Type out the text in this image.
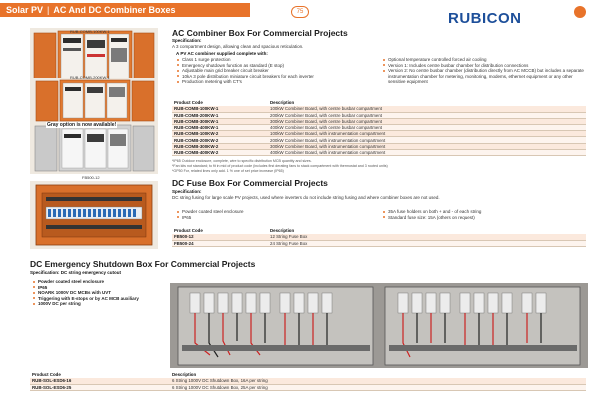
Solar PV | AC And DC Combiner Boxes	75	RUBICON
RUB-COMB-100KW-1
RUB-COMB-200KW-1
Gray option is now available!
FB500-12
AC Combiner Box For Commercial Projects
Specification:
A 3 compartment design, allowing clean and spacious reticulation.
A PV AC combiner supplied complete with:
Class 1 surge protection
Emergency shutdown function as standard (E stop)
Adjustable main grid breaker circuit breaker
10kA 3 pole distribution miniature circuit breakers for each inverter
Production metering with CT's
Optional temperature controlled forced air cooling
Version 1: Includes centre busbar chamber for distribution connections
Version 2: No centre busbar chamber (distribution directly from AC MCCB) but includes a separate instrumentation chamber for metering, monitoring, modems, ethernet equipment or any other sensitive equipment
Product Code	Description
RUB-COMB-100KW-1	100kW Combiner Board, with centre busbar compartment
RUB-COMB-200KW-1	200kW Combiner Board, with centre busbar compartment
RUB-COMB-300KW-1	300kW Combiner Board, with centre busbar compartment
RUB-COMB-400KW-1	400kW Combiner Board, with centre busbar compartment
RUB-COMB-100KW-2	100kW Combiner Board, with instrumentation compartment
RUB-COMB-200KW-2	200kW Combiner Board, with instrumentation compartment
RUB-COMB-300KW-2	300kW Combiner Board, with instrumentation compartment
RUB-COMB-400KW-2	400kW Combiner Board, with instrumentation compartment
*IP65 Outdoor enclosure, complete, wire to specific distribution MCB quantity and sizes.
*Fan kits not standard; to fit in mid of product code (includes first derating fans to stack compartment with thermostat and 3 rooted units)
*GP50 For, related lines only add. 1 % one of set price increase (IP65)
DC Fuse Box For Commercial Projects
Specification:
DC string fusing for large scale PV projects, used where inverters do not include string fusing and where combiner boxes are not used.
Powder coated steel enclosure
IP65
35A fuse holders on both + and - of each string
Standard fuse size: 15A (others on request)
Product Code	Description
FB500-12	12 String Fuse Box
FB500-24	24 String Fuse Box
DC Emergency Shutdown Box For Commercial Projects
Specification: DC string emergency cutout
Powder coated steel enclosure
IP65
NOARK 1000V DC MCBs with UVT
Triggering with E-stops or by AC MCB auxiliary
1000V DC per string
Product Code	Description
RUB-SOL-ESD6-16	6 String 1000V DC Shutdown Box, 16A per string
RUB-SOL-ESD6-25	6 String 1000V DC Shutdown Box, 25A per string
